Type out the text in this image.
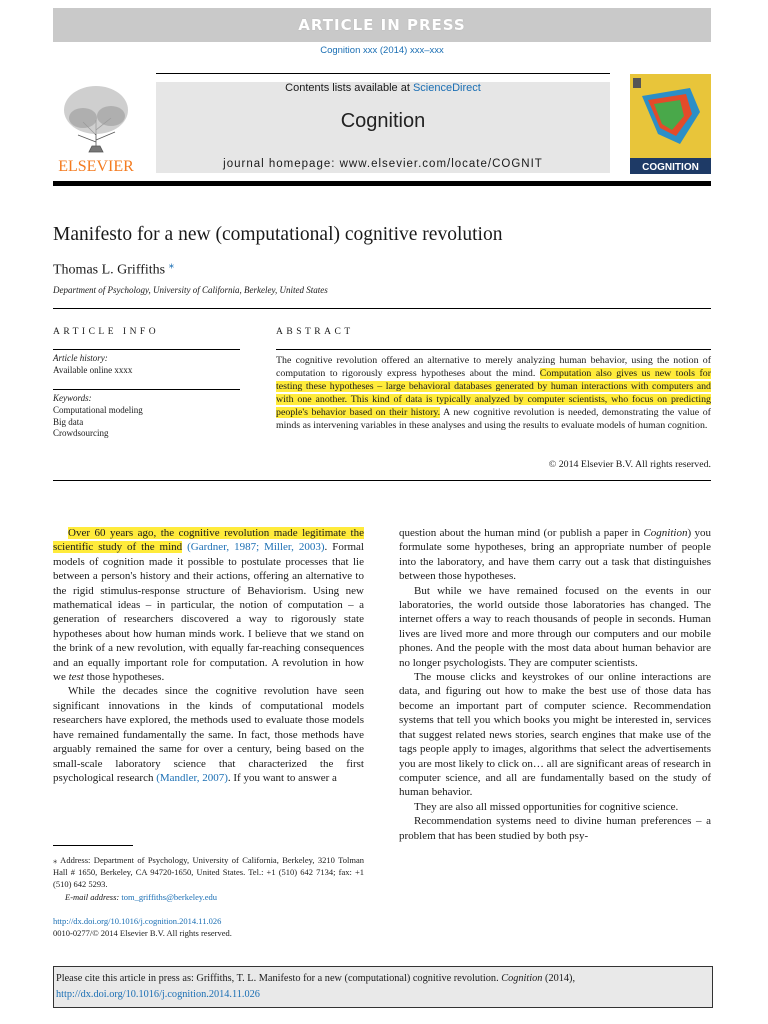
ARTICLE IN PRESS
Cognition xxx (2014) xxx–xxx
Contents lists available at ScienceDirect
Cognition
journal homepage: www.elsevier.com/locate/COGNIT
ELSEVIER	COGNITION
Manifesto for a new (computational) cognitive revolution
Thomas L. Griffiths ⁎
Department of Psychology, University of California, Berkeley, United States
ARTICLE INFO	ABSTRACT
Article history:
Available online xxxx
Keywords:
Computational modeling
Big data
Crowdsourcing
The cognitive revolution offered an alternative to merely analyzing human behavior, using the notion of computation to rigorously express hypotheses about the mind. Computation also gives us new tools for testing these hypotheses – large behavioral databases generated by human interactions with computers and with one another. This kind of data is typically analyzed by computer scientists, who focus on predicting people's behavior based on their history. A new cognitive revolution is needed, demonstrating the value of minds as intervening variables in these analyses and using the results to evaluate models of human cognition.
© 2014 Elsevier B.V. All rights reserved.

Over 60 years ago, the cognitive revolution made legitimate the scientific study of the mind (Gardner, 1987; Miller, 2003). Formal models of cognition made it possible to postulate processes that lie between a person's history and their actions, offering an alternative to the rigid stimulus-response structure of Behaviorism. Using new mathematical ideas – in particular, the notion of computation – a generation of researchers discovered a way to rigorously state hypotheses about how human minds work. I believe that we stand on the brink of a new revolution, with equally far-reaching consequences and an equally important role for computation. A revolution in how we test those hypotheses.

While the decades since the cognitive revolution have seen significant innovations in the kinds of computational models researchers have explored, the methods used to evaluate those models have remained fundamentally the same. In fact, those methods have arguably remained the same for over a century, being based on the small-scale laboratory science that characterized the first psychological research (Mandler, 2007). If you want to answer a

question about the human mind (or publish a paper in Cognition) you formulate some hypotheses, bring an appropriate number of people into the laboratory, and have them carry out a task that distinguishes between those hypotheses.

But while we have remained focused on the events in our laboratories, the world outside those laboratories has changed. The internet offers a way to reach thousands of people in seconds. Human lives are lived more and more through our computers and our mobile phones. And the people with the most data about human behavior are no longer psychologists. They are computer scientists.

The mouse clicks and keystrokes of our online interactions are data, and figuring out how to make the best use of those data has become an important part of computer science. Recommendation systems that tell you which books you might be interested in, services that suggest related news stories, search engines that make use of the tags people apply to images, algorithms that select the advertisements you are most likely to click on… all are significant areas of research in computer science, and all are fundamentally based on the study of human behavior.

They are also all missed opportunities for cognitive science.

Recommendation systems need to divine human preferences – a problem that has been studied by both psy-

⁎ Address: Department of Psychology, University of California, Berkeley, 3210 Tolman Hall # 1650, Berkeley, CA 94720-1650, United States. Tel.: +1 (510) 642 7134; fax: +1 (510) 642 5293.
E-mail address: tom_griffiths@berkeley.edu
http://dx.doi.org/10.1016/j.cognition.2014.11.026
0010-0277/© 2014 Elsevier B.V. All rights reserved.
Please cite this article in press as: Griffiths, T. L. Manifesto for a new (computational) cognitive revolution. Cognition (2014), http://dx.doi.org/10.1016/j.cognition.2014.11.026
